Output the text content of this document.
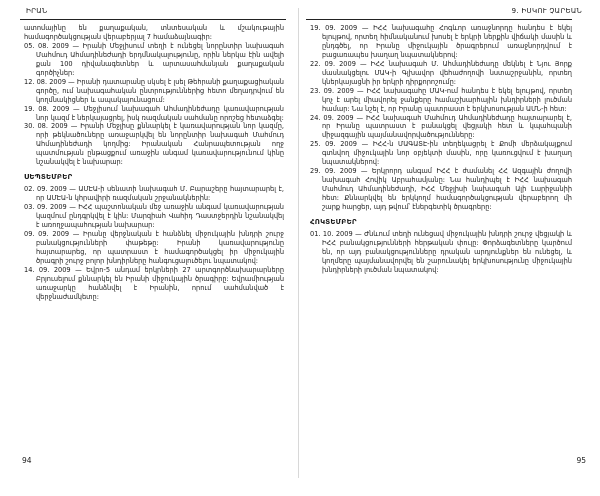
ԻՐԱՆ

ատոմայինը են քաղաքական, տնտեսական և մշակութային համագործակցության վերաբերյալ 7 համաձայնագիր:

05. 08. 2009 — Իրանի Մեջլիսում տեղի է ունեցել նորընտիր նախագահ Մահմուդ Ահմադինեժադի երդմնակալությունը, որին ներկա էին ավելի քան 100 դիվանագետներ և արտասահմանյան քաղաքական գործիչներ:

12. 08. 2009 — Իրանի դատարանը սկսել է լսել Թեհրանի քաղաքացիական գործը, ում նախագահական ընտրություններից հետո մեղադրվում են կողմնակիցներ և ապակայունացում:

19. 08. 2009 — Մեջլիսում նախագահ Ահմադինեժադը կառավարության նոր կազմ է ներկայացրել, իսկ ռազմական սահմանը որոշեց հետաձգել:

30. 08. 2009 — Իրանի Մեջլիսը քննարկել է կառավարության նոր կազմը, որի թեկնածուները առաջարկվել են նորընտիր նախագահ Մահմուդ Ահմադինեժադի կողմից: Իրանական Հանրապետության ողջ պատմության ընթացքում առաջին անգամ կառավարությունում կինը նշանակվել է նախարար:

ՍԵՊՏԵՄԲԵՐ

02. 09. 2009 — ԱՄԷԱ-ի սենատի նախագահ Մ. Բարաշերը հայտարարել է, որ ԱՄԷԱ-ն կհրավիրի ռազմական շրջանակներին:

03. 09. 2009 — ԻՀՀ պաշտոնական մեջ առաջին անգամ կառավարության կազմում ընդգրկվել է կին: Մարզիահ Վահիդ Դաստջերդին նշանակվել է առողջապահության նախարար:

09. 09. 2009 — Իրանը վերջնական է հանձնել միջուկային խնդրի շուրջ բանակցությունների փաթեթը: Իրանի կառավարությունը հայտարարեց, որ պատրաստ է համագործակցել իր միջուկային ծրագրի շուրջ բոլոր խնդիրները հանգուցալուծելու նպատակով:

14. 09. 2009 — Եվրո-5 անդամ երկրների 27 արտգործնախարարները Բրյուսելում քննարկել են Իրանի միջուկային ծրագիրը: Եվրամիության առաջարկը հանձնվել է Իրանին, որում սահմանված է վերջնաժամկետը:

94
9. ԻՍԿՈՒ ՉԱՐԵԱՆ

19. 09. 2009 — ԻՀՀ նախագահը Հոգևոր առաջնորդը հանդես է եկել ելույթով, որտեղ հիմնականում խոսել է երկրի ներքին վիճակի մասին և ընդգծել, որ Իրանը միջուկային ծրագրերում առաջնորդվում է բացառապես խաղաղ նպատակներով:

22. 09. 2009 — ԻՀՀ նախագահ Մ. Ահմադինեժադը մեկնել է Նյու Յորք մասնակցելու ՄԱԿ-ի Գլխավոր վեհաժողովի նստաշրջանին, որտեղ կներկայացնի իր երկրի դիրքորոշումը:

23. 09. 2009 — ԻՀՀ նախագահը ՄԱԿ-ում հանդես է եկել ելույթով, որտեղ կոչ է արել միավորել ջանքերը համաշխարհային խնդիրների լուծման համար: Նա նշել է, որ Իրանը պատրաստ է երկխոսության ԱՄՆ-ի հետ:

24. 09. 2009 — ԻՀՀ նախագահ Մահմուդ Ահմադինեժադը հայտարարել է, որ Իրանը պատրաստ է բանակցել վեցյակի հետ և կպահպանի միջազգային պայմանավորվածությունները:

25. 09. 2009 — ԻՀՀ-ն ՄԱԳԱՏԷ-ին տեղեկացրել է Քոմի մերձակայքում գտնվող միջուկային նոր օբյեկտի մասին, որը կառուցվում է խաղաղ նպատակներով:

29. 09. 2009 — Երկրորդ անգամ ԻՀՀ է ժամանել ՀՀ Ազգային ժողովի նախագահ Հովիկ Աբրահամյանը: Նա հանդիպել է ԻՀՀ նախագահ Մահմուդ Ահմադինեժադի, ԻՀՀ Մեջլիսի նախագահ Ալի Լարիջանիի հետ: Քննարկվել են երկկողմ համագործակցության վերաբերող մի շարք հարցեր, այդ թվում՝ էներգետիկ ծրագրերը:

ՀՈԿՏԵՄԲԵՐ

01. 10. 2009 — Ժնևում տեղի ունեցավ միջուկային խնդրի շուրջ վեցյակի և ԻՀՀ բանակցությունների հերթական փուլը: Փորձագետները կարծում են, որ այդ բանակցությունները դրական արդյունքներ են ունեցել, և կողմերը պայմանավորվել են շարունակել երկխոսությունը միջուկային խնդիրների լուծման նպատակով:

95
